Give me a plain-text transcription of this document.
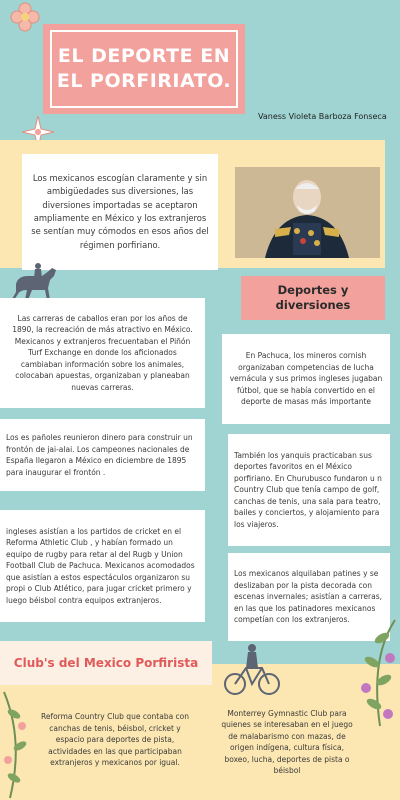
EL DEPORTE EN EL PORFIRIATO.
Vaness Violeta Barboza Fonseca
Los mexicanos escogían claramente y sin ambigüedades sus diversiones, las diversiones importadas se aceptaron ampliamente en México y los extranjeros se sentían muy cómodos en esos años del régimen porfiriano.
Deportes y diversiones

Las carreras de caballos eran por los años de 1890, la recreación de más atractivo en México. Mexicanos y extranjeros frecuentaban el Piñón Turf Exchange en donde los aficionados cambiaban información sobre los animales, colocaban apuestas, organizaban y planeaban nuevas carreras.

En Pachuca, los mineros cornish organizaban competencias de lucha vernácula y sus primos ingleses jugaban fútbol, que se había convertido en el deporte de masas más importante

Los es pañoles reunieron dinero para construir un frontón de jai-alai. Los campeones nacionales de España llegaron a México en diciembre de 1895 para inaugurar el frontón .

También los yanquis practicaban sus deportes favoritos en el México porfiriano. En Churubusco fundaron u n Country Club que tenía campo de golf, canchas de tenis, una sala para teatro, bailes y conciertos, y alojamiento para los viajeros.

ingleses asistían a los partidos de cricket en el Reforma Athletic Club , y habían formado un equipo de rugby para retar al del Rugb y Union Football Club de Pachuca. Mexicanos acomodados que asistían a estos espectáculos organizaron su propi o Club Atlético, para jugar cricket primero y luego béisbol contra equipos extranjeros.

Los mexicanos alquilaban patines y se deslizaban por la pista decorada con escenas invernales; asistían a carreras, en las que los patinadores mexicanos competían con los extranjeros.

Club's del Mexico Porfirista

Reforma Country Club que contaba con canchas de tenis, béisbol, cricket y espacio para deportes de pista, actividades en las que participaban extranjeros y mexicanos por igual.

Monterrey Gymnastic Club para quienes se interesaban en el juego de malabarismo con mazas, de origen indígena, cultura física, boxeo, lucha, deportes de pista o béisbol
